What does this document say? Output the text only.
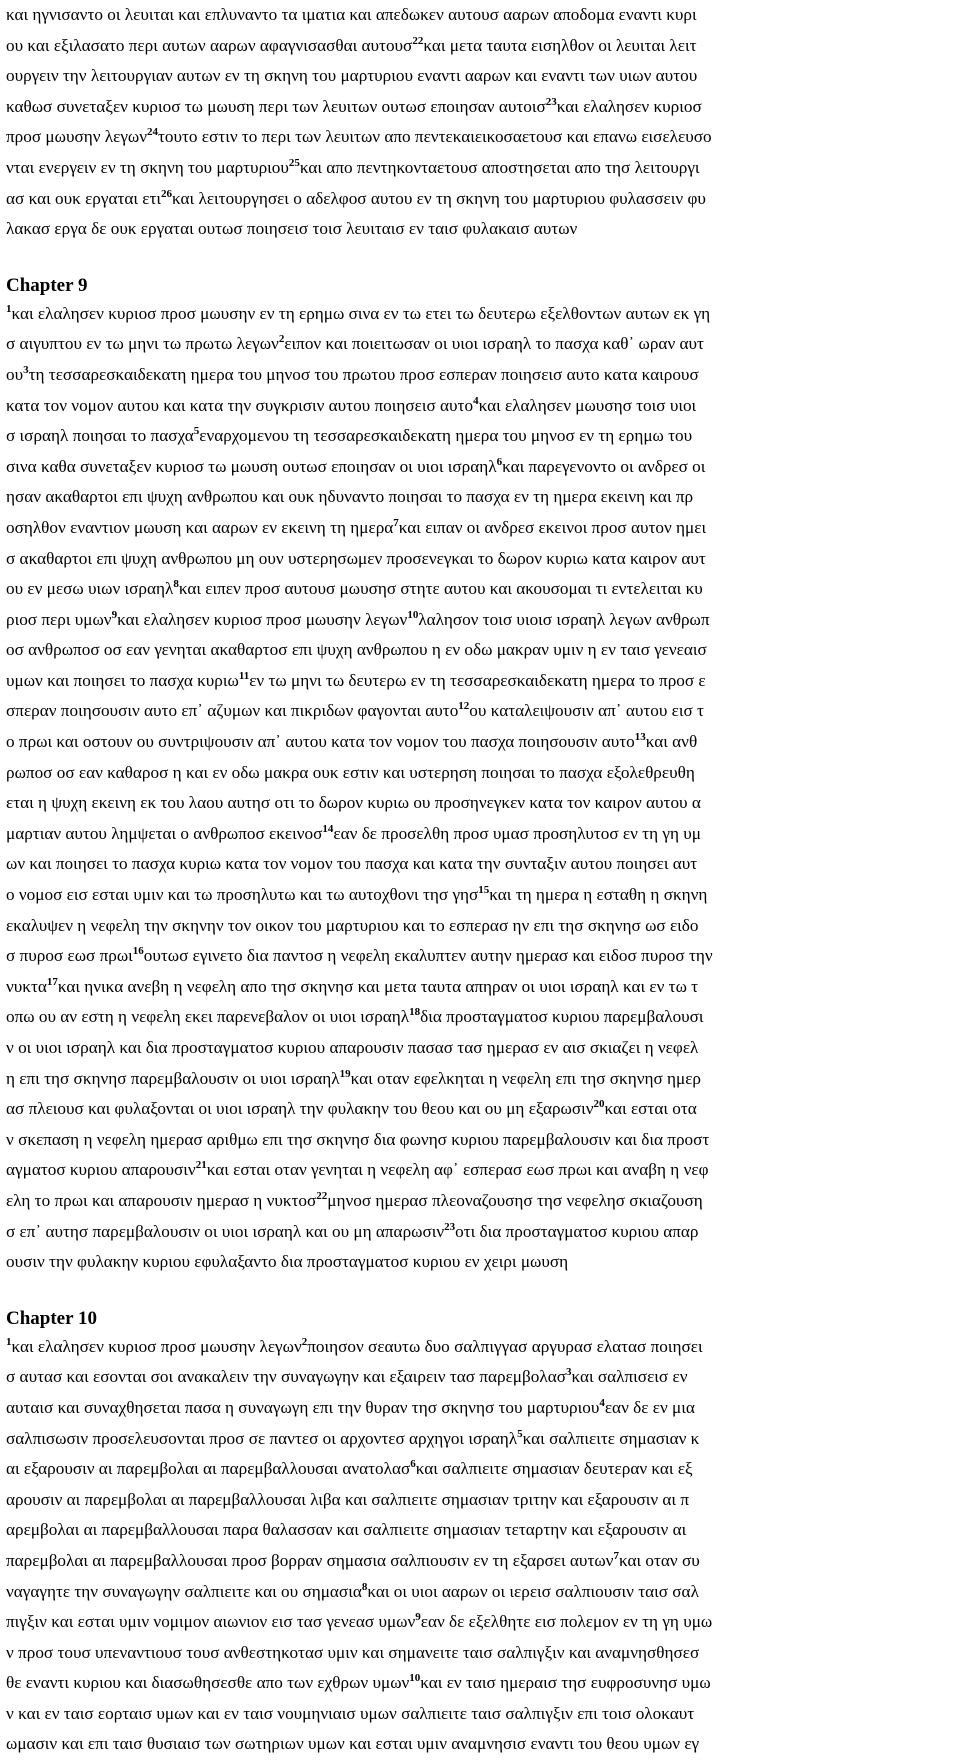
και ηγνισαντο οι λευιται και επλυναντο τα ιματια και απεδωκεν αυτουσ ααρων αποδομα εναντι κυρι
ου και εξιλασατο περι αυτων ααρων αφαγνισασθαι αυτουσ$^{22}$και μετα ταυτα εισηλθον οι λευιται λειτ
ουργειν την λειτουργιαν αυτων εν τη σκηνη του μαρτυριου εναντι ααρων και εναντι των υιων αυτου
καθωσ συνεταξεν κυριοσ τω μωυση περι των λευιτων ουτωσ εποιησαν αυτοισ$^{23}$και ελαλησεν κυριοσ
προσ μωυσην λεγων$^{24}$τουτο εστιν το περι των λευιτων απο πεντεκαιεικοσαετουσ και επανω εισελευσο
νται ενεργειν εν τη σκηνη του μαρτυριου$^{25}$και απο πεντηκονταετουσ αποστησεται απο τησ λειτουργι
ασ και ουκ εργαται ετι$^{26}$και λειτουργησει ο αδελφοσ αυτου εν τη σκηνη του μαρτυριου φυλασσειν φυ
λακασ εργα δε ουκ εργαται ουτωσ ποιησεισ τοισ λευιταισ εν ταισ φυλακαισ αυτων
Chapter 9
$^1$και ελαλησεν κυριοσ προσ μωυσην εν τη ερημω σινα εν τω ετει τω δευτερω εξελθοντων αυτων εκ γη
σ αιγυπτου εν τω μηνι τω πρωτω λεγων$^2$ειπον και ποιειτωσαν οι υιοι ισραηλ το πασχα καθ᾽ ωραν αυτ
$o\upsilon^3\tau\eta$ τεσσαρεσκαιδεκατη ημερα του μηνοσ του πρωτου προσ εσπεραν ποιησεισ αυτο κατα καιρουσ
κατα τον νομον αυτου και κατα την συγκρισιν αυτου ποιησεισ αυτο$^4$και ελαλησεν μωυσησ τοισ υιοι
σ ισραηλ ποιησαι το πασχα$^5$εναρχομενου τη τεσσαρεσκαιδεκατη ημερα του μηνοσ εν τη ερημω του
σινα καθα συνεταξεν κυριοσ τω μωυση ουτωσ εποιησαν οι υιοι ισραηλ$^6$και παρεγενοντο οι ανδρεσ οι
ησαν ακαθαρτοι επι ψυχη ανθρωπου και ουκ ηδυναντο ποιησαι το πασχα εν τη ημερα εκεινη και πρ
οσηλθον εναντιον μωυση και ααρων εν εκεινη τη ημερα$^7$και ειπαν οι ανδρεσ εκεινοι προσ αυτον ημει
σ ακαθαρτοι επι ψυχη ανθρωπου μη ουν υστερησωμεν προσενεγκαι το δωρον κυριω κατα καιρον αυτ
ου εν μεσω υιων ισραηλ$^8$και ειπεν προσ αυτουσ μωυσησ στητε αυτου και ακουσομαι τι εντελειται κυ
ριοσ περι υμων$^9$και ελαλησεν κυριοσ προσ μωυσην λεγων$^{10}$λαλησον τοισ υιοισ ισραηλ λεγων ανθρωπ
οσ ανθρωποσ οσ εαν γενηται ακαθαρτοσ επι ψυχη ανθρωπου η εν οδω μακραν υμιν η εν ταισ γενεαισ
υμων και ποιησει το πασχα κυριω$^{11}$εν τω μηνι τω δευτερω εν τη τεσσαρεσκαιδεκατη ημερα το προσ ε
σπεραν ποιησουσιν αυτο επ᾽ αζυμων και πικριδων φαγονται αυτο$^{12}$ου καταλειψουσιν απ᾽ αυτου εισ τ
ο πρωι και οστουν ου συντριψουσιν απ᾽ αυτου κατα τον νομον του πασχα ποιησουσιν αυτο$^{13}$και ανθ
ρωποσ οσ εαν καθαροσ η και εν οδω μακρα ουκ εστιν και υστερηση ποιησαι το πασχα εξολεθρευθη
εται η ψυχη εκεινη εκ του λαου αυτησ οτι το δωρον κυριω ου προσηνεγκεν κατα τον καιρον αυτου α
μαρτιαν αυτου λημψεται ο ανθρωποσ εκεινοσ$^{14}$εαν δε προσελθη προσ υμασ προσηλυτοσ εν τη γη υμ
ων και ποιησει το πασχα κυριω κατα τον νομον του πασχα και κατα την συνταξιν αυτου ποιησει αυτ
ο νομοσ εισ εσται υμιν και τω προσηλυτω και τω αυτοχθονι τησ γησ$^{15}$και τη ημερα η εσταθη η σκηνη
εκαλυψεν η νεφελη την σκηνην τον οικον του μαρτυριου και το εσπερασ ην επι τησ σκηνησ ωσ ειδο
σ πυροσ εωσ πρωι$^{16}$ουτωσ εγινετο δια παντοσ η νεφελη εκαλυπτεν αυτην ημερασ και ειδοσ πυροσ την
νυκτα$^{17}$και ηνικα ανεβη η νεφελη απο τησ σκηνησ και μετα ταυτα απηραν οι υιοι ισραηλ και εν τω τ
οπω ου αν εστη η νεφελη εκει παρενεβαλον οι υιοι ισραηλ$^{18}$δια προσταγματοσ κυριου παρεμβαλουσι
ν οι υιοι ισραηλ και δια προσταγματοσ κυριου απαρουσιν πασασ τασ ημερασ εν αισ σκιαζει η νεφελ
η επι τησ σκηνησ παρεμβαλουσιν οι υιοι ισραηλ$^{19}$και οταν εφελκηται η νεφελη επι τησ σκηνησ ημερ
ασ πλειουσ και φυλαξονται οι υιοι ισραηλ την φυλακην του θεου και ου μη εξαρωσιν$^{20}$και εσται οτα
ν σκεπαση η νεφελη ημερασ αριθμω επι τησ σκηνησ δια φωνησ κυριου παρεμβαλουσιν και δια προστ
αγματοσ κυριου απαρουσιν$^{21}$και εσται οταν γενηται η νεφελη αφ᾽ εσπερασ εωσ πρωι και αναβη η νεφ
ελη το πρωι και απαρουσιν ημερασ η νυκτοσ$^{22}$μηνοσ ημερασ πλεοναζουσησ τησ νεφελησ σκιαζουση
σ επ᾽ αυτησ παρεμβαλουσιν οι υιοι ισραηλ και ου μη απαρωσιν$^{23}$οτι δια προσταγματοσ κυριου απαρ
ουσιν την φυλακην κυριου εφυλαξαντο δια προσταγματοσ κυριου εν χειρι μωυση
Chapter 10
$^1$και ελαλησεν κυριοσ προσ μωυσην λεγων$^2$ποιησον σεαυτω δυο σαλπιγγασ αργυρασ ελατασ ποιησει
σ αυτασ και εσονται σοι ανακαλειν την συναγωγην και εξαιρειν τασ παρεμβολασ$^3$και σαλπισεισ εν
αυταισ και συναχθησεται πασα η συναγωγη επι την θυραν τησ σκηνησ του μαρτυριου$^4$εαν δε εν μια
σαλπισωσιν προσελευσονται προσ σε παντεσ οι αρχοντεσ αρχηγοι ισραηλ$^5$και σαλπιειτε σημασιαν κ
αι εξαρουσιν αι παρεμβολαι αι παρεμβαλλουσαι ανατολασ$^6$και σαλπιειτε σημασιαν δευτεραν και εξ
αρουσιν αι παρεμβολαι αι παρεμβαλλουσαι λιβα και σαλπιειτε σημασιαν τριτην και εξαρουσιν αι π
αρεμβολαι αι παρεμβαλλουσαι παρα θαλασσαν και σαλπιειτε σημασιαν τεταρτην και εξαρουσιν αι
παρεμβολαι αι παρεμβαλλουσαι προσ βορραν σημασια σαλπιουσιν εν τη εξαρσει αυτων$^7$και οταν συ
ναγαγητε την συναγωγην σαλπιειτε και ου σημασια$^8$και οι υιοι ααρων οι ιερεισ σαλπιουσιν ταισ σαλ
πιγξιν και εσται υμιν νομιμον αιωνιον εισ τασ γενεασ υμων$^9$εαν δε εξελθητε εισ πολεμον εν τη γη υμω
ν προσ τουσ υπεναντιουσ τουσ ανθεστηκοτασ υμιν και σημανειτε ταισ σαλπιγξιν και αναμνησθησεσ
θε εναντι κυριου και διασωθησεσθε απο των εχθρων υμων$^{10}$και εν ταισ ημεραισ τησ ευφροσυνησ υμω
ν και εν ταισ εορταισ υμων και εν ταισ νουμηνιαισ υμων σαλπιειτε ταισ σαλπιγξιν επι τοισ ολοκαυτ
ωμασιν και επι ταισ θυσιαισ των σωτηριων υμων και εσται υμιν αναμνησισ εναντι του θεου υμων εγ
